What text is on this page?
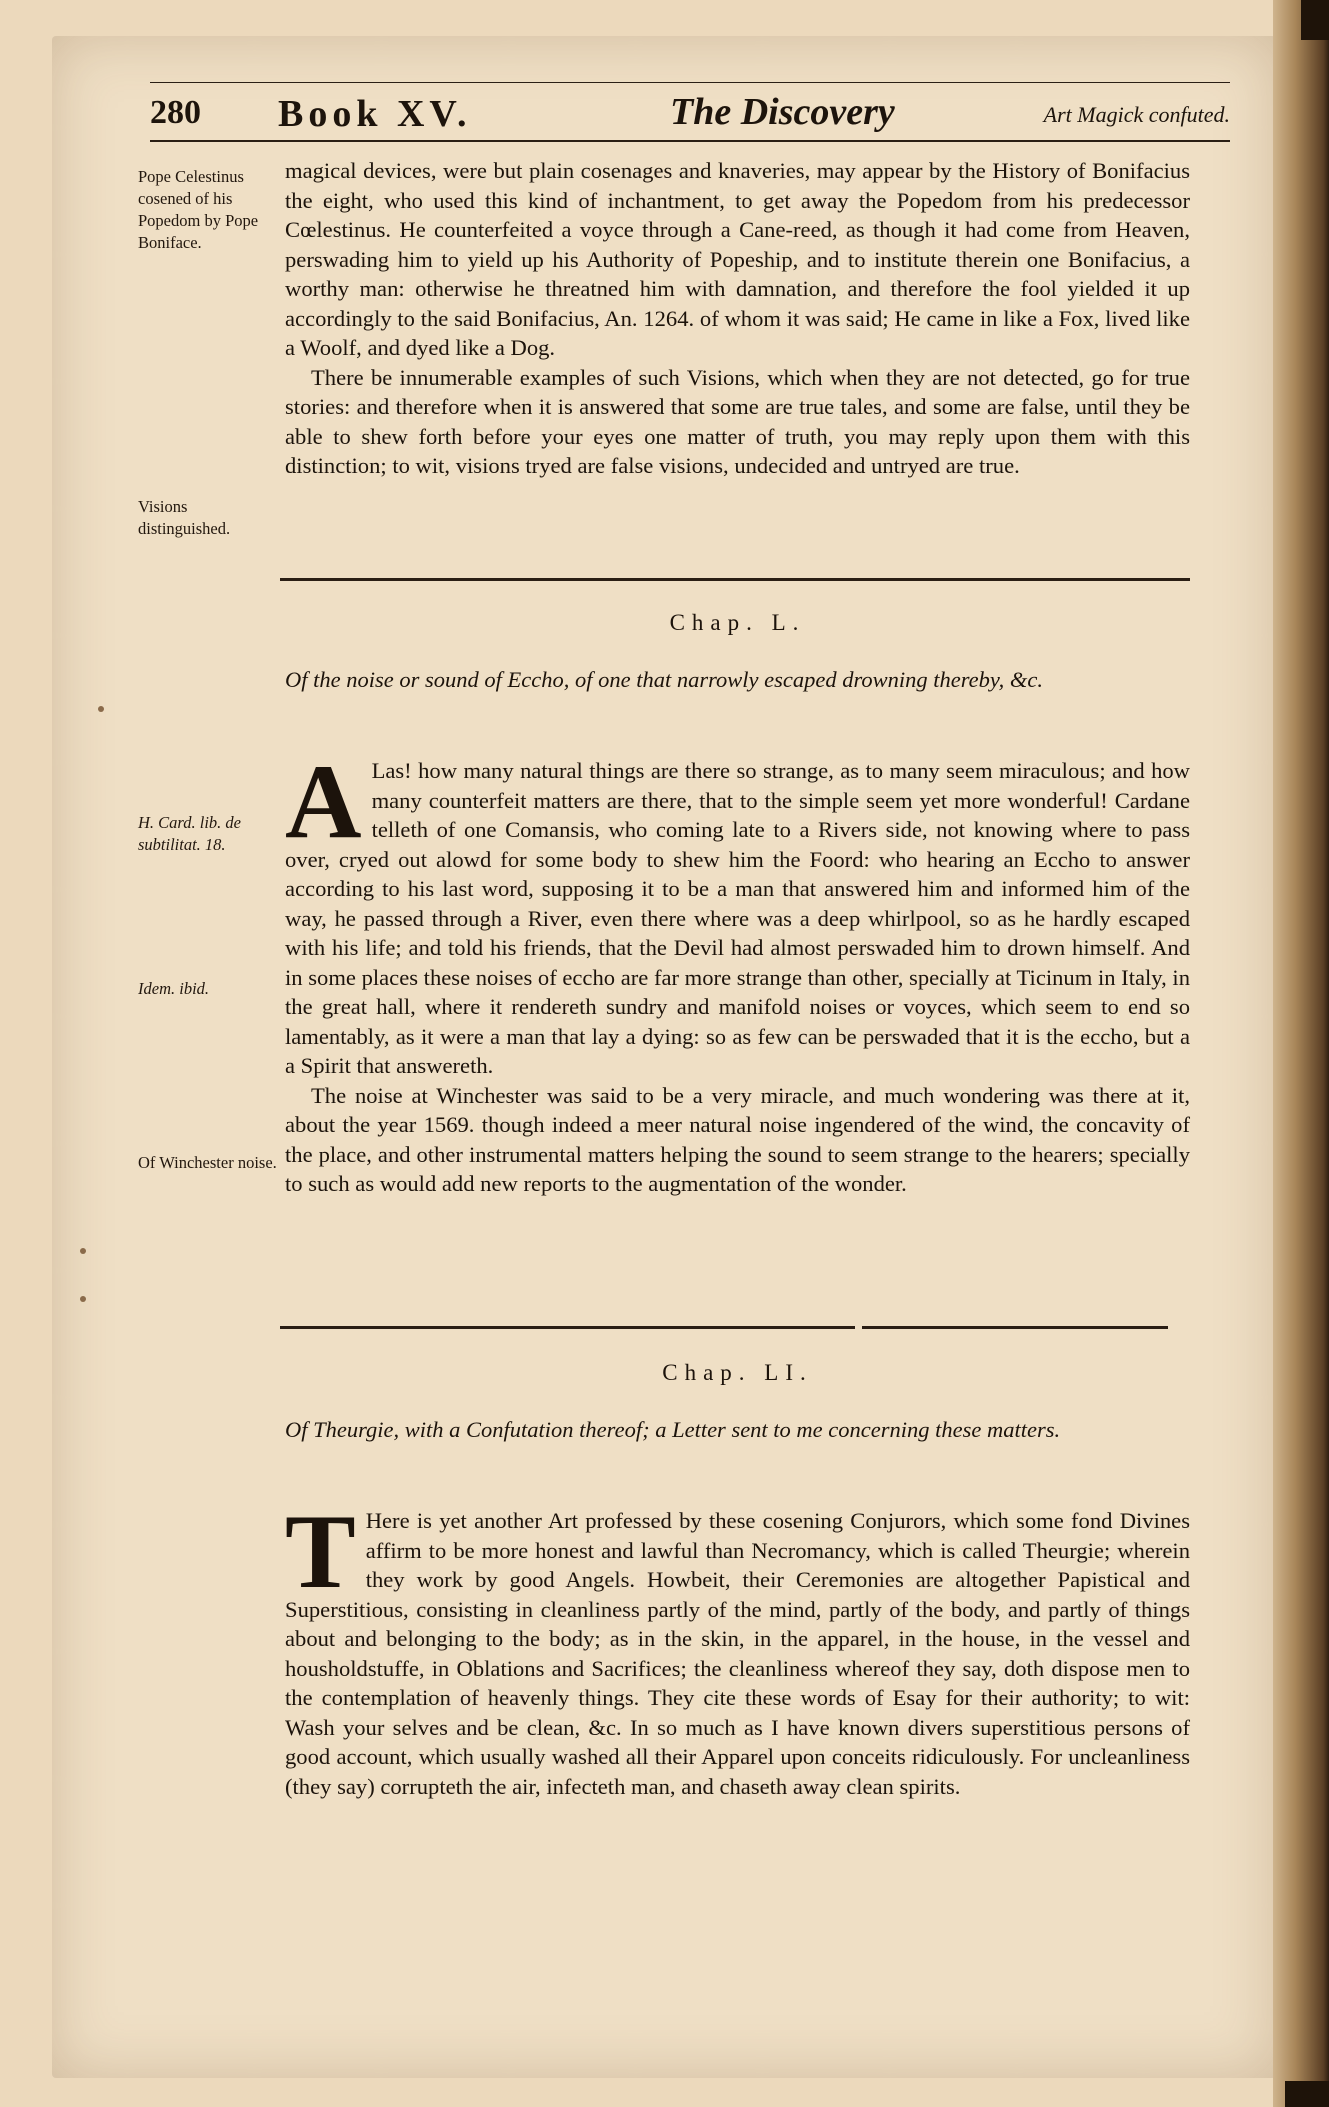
280 Book XV.	The Discovery	Art Magick confuted.
Pope Celestinus cosened of his Popedom by Pope Boniface.
Visions distinguished.
H. Card. lib. de subtilitat. 18.
Idem. ibid.
Of Winchester noise.

magical devices, were but plain cosenages and knaveries, may appear by the History of Bonifacius the eight, who used this kind of inchantment, to get away the Popedom from his predecessor Cœlestinus. He counterfeited a voyce through a Cane-reed, as though it had come from Heaven, perswading him to yield up his Authority of Popeship, and to institute therein one Bonifacius, a worthy man: otherwise he threatned him with damnation, and therefore the fool yielded it up accordingly to the said Bonifacius, An. 1264. of whom it was said; He came in like a Fox, lived like a Woolf, and dyed like a Dog.

There be innumerable examples of such Visions, which when they are not detected, go for true stories: and therefore when it is answered that some are true tales, and some are false, until they be able to shew forth before your eyes one matter of truth, you may reply upon them with this distinction; to wit, visions tryed are false visions, undecided and untryed are true.

Chap. L.
Of the noise or sound of Eccho, of one that narrowly escaped drowning thereby, &c.
A Las! how many natural things are there so strange, as to many seem miraculous; and how many counterfeit matters are there, that to the simple seem yet more wonderful! Cardane telleth of one Comansis, who coming late to a Rivers side, not knowing where to pass over, cryed out alowd for some body to shew him the Foord: who hearing an Eccho to answer according to his last word, supposing it to be a man that answered him and informed him of the way, he passed through a River, even there where was a deep whirlpool, so as he hardly escaped with his life; and told his friends, that the Devil had almost perswaded him to drown himself. And in some places these noises of eccho are far more strange than other, specially at Ticinum in Italy, in the great hall, where it rendereth sundry and manifold noises or voyces, which seem to end so lamentably, as it were a man that lay a dying: so as few can be perswaded that it is the eccho, but a a Spirit that answereth.

The noise at Winchester was said to be a very miracle, and much wondering was there at it, about the year 1569. though indeed a meer natural noise ingendered of the wind, the concavity of the place, and other instrumental matters helping the sound to seem strange to the hearers; specially to such as would add new reports to the augmentation of the wonder.

Chap. LI.
Of Theurgie, with a Confutation thereof; a Letter sent to me concerning these matters.
T Here is yet another Art professed by these cosening Conjurors, which some fond Divines affirm to be more honest and lawful than Necromancy, which is called Theurgie; wherein they work by good Angels. Howbeit, their Ceremonies are altogether Papistical and Superstitious, consisting in cleanliness partly of the mind, partly of the body, and partly of things about and belonging to the body; as in the skin, in the apparel, in the house, in the vessel and housholdstuffe, in Oblations and Sacrifices; the cleanliness whereof they say, doth dispose men to the contemplation of heavenly things. They cite these words of Esay for their authority; to wit: Wash your selves and be clean, &c. In so much as I have known divers superstitious persons of good account, which usually washed all their Apparel upon conceits ridiculously. For uncleanliness (they say) corrupteth the air, infecteth man, and chaseth away clean spirits.
